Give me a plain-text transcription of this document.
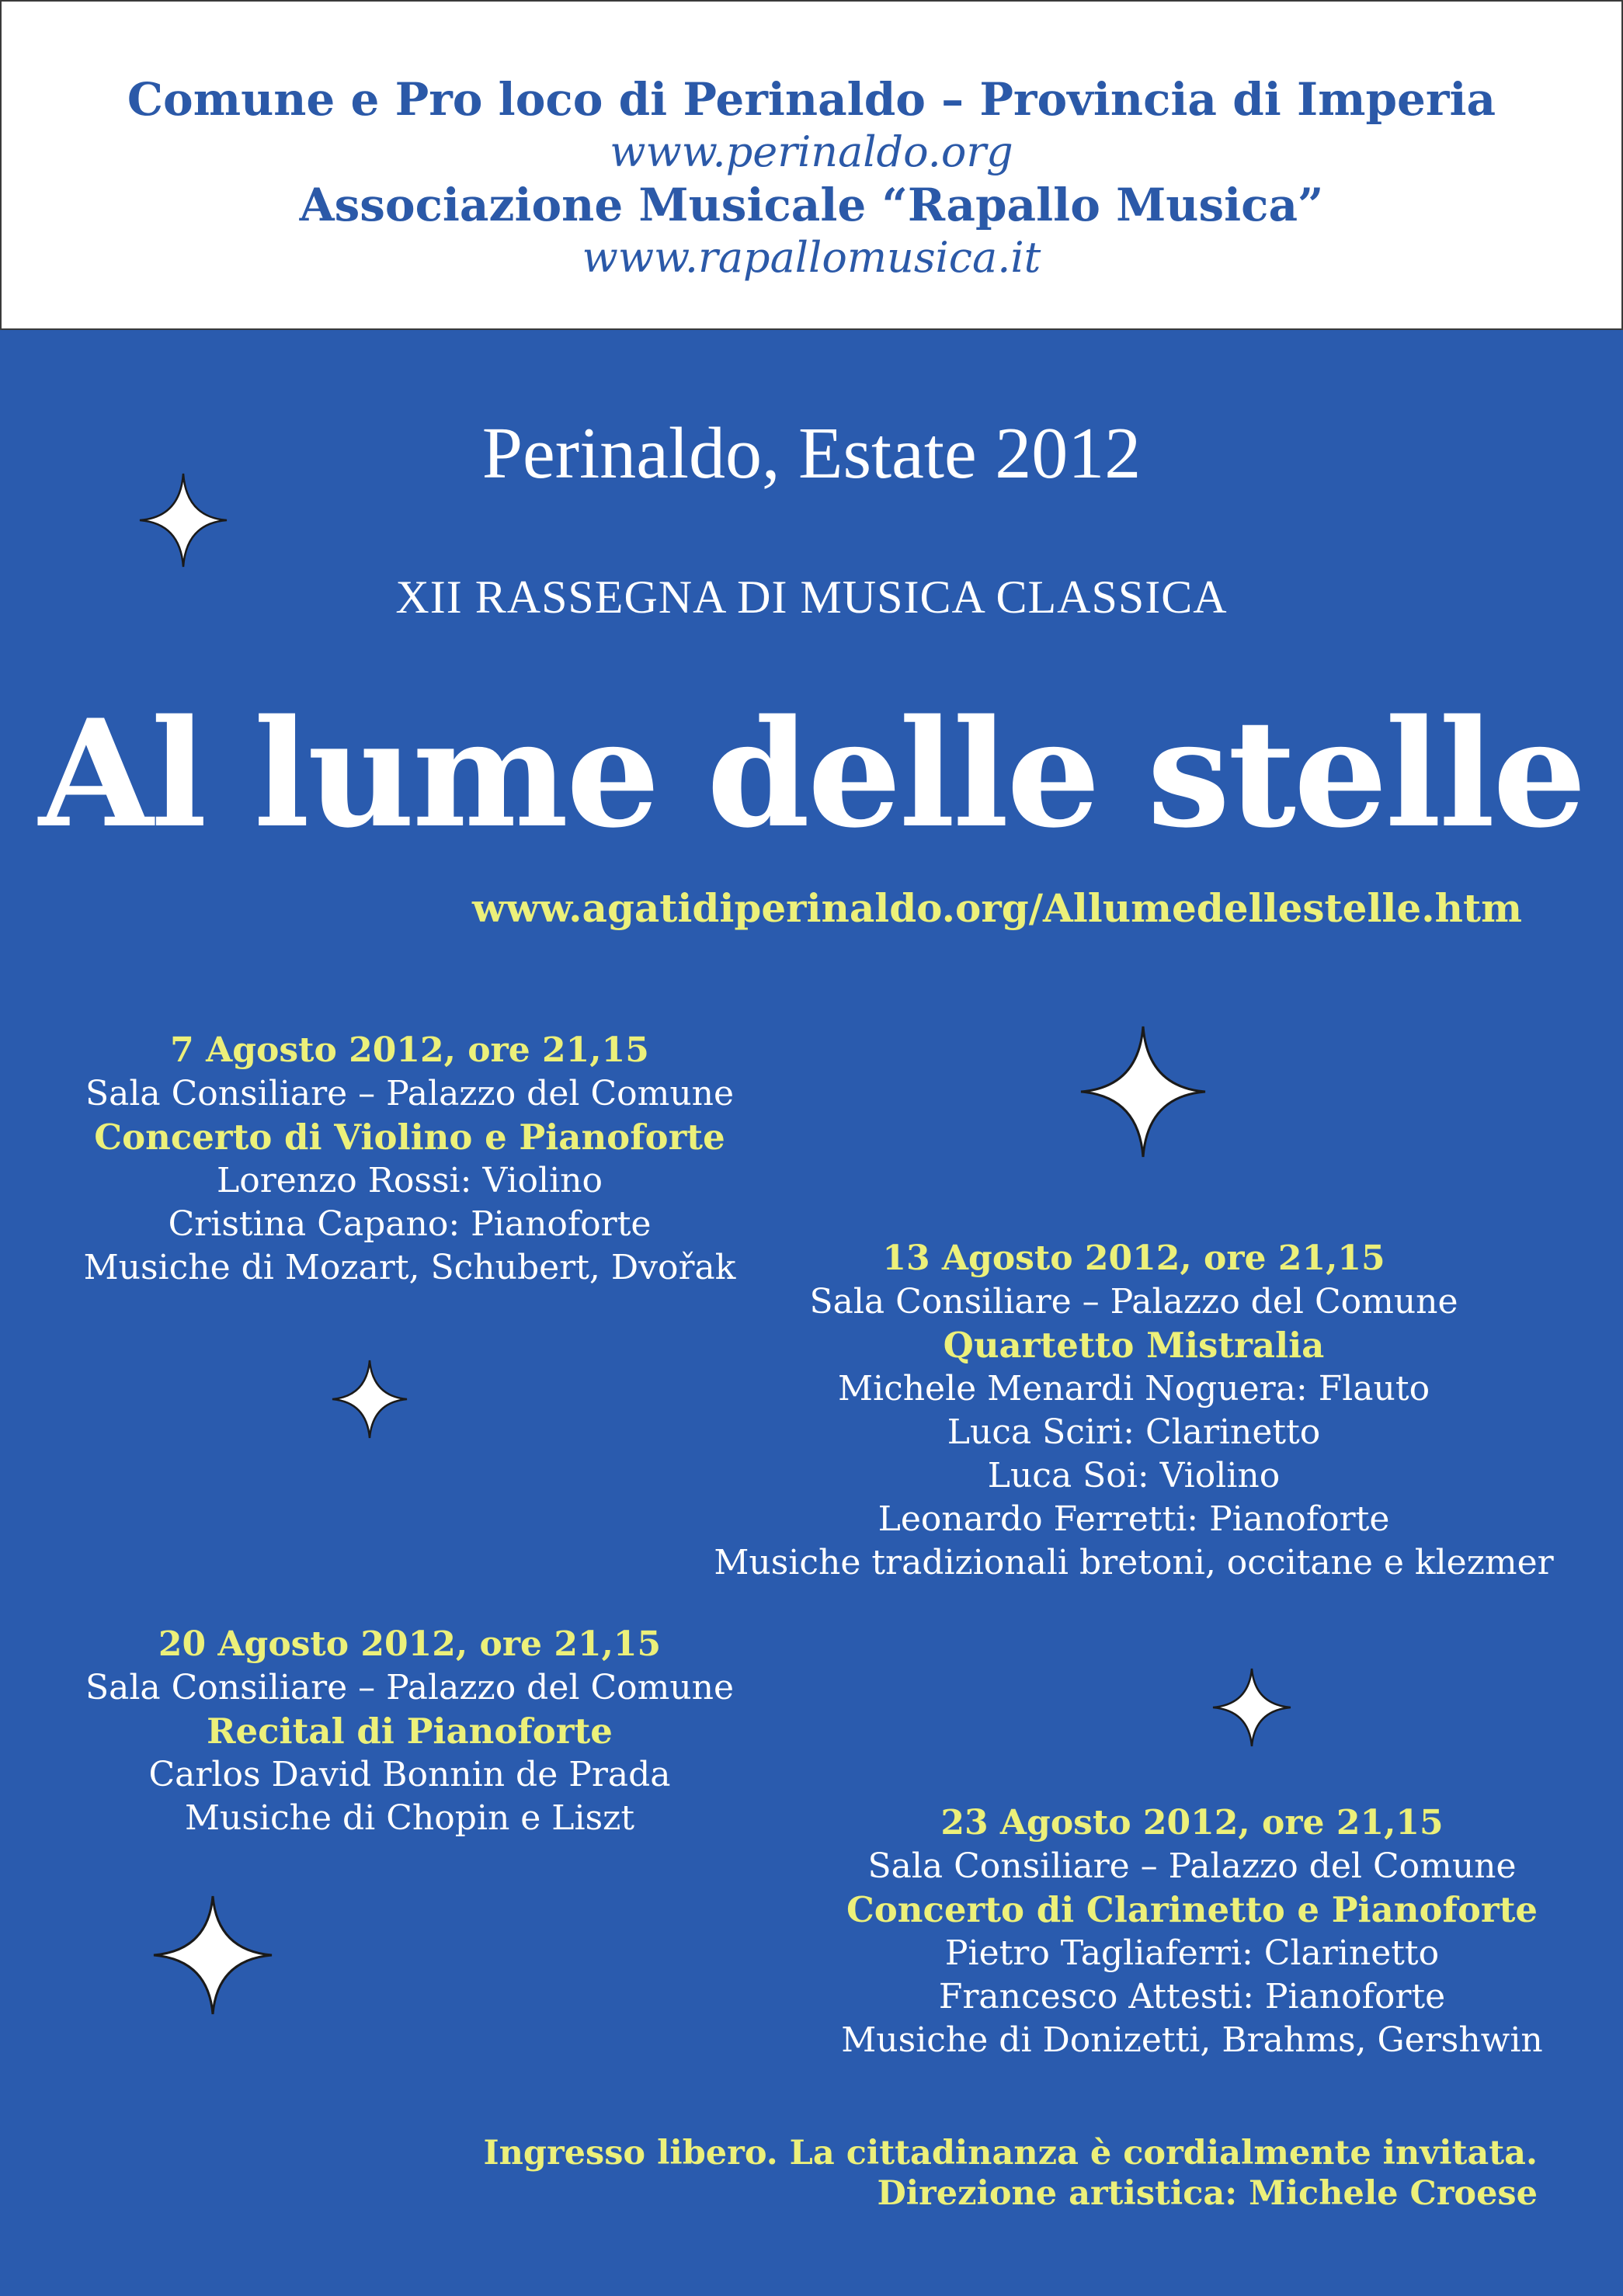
Comune e Pro loco di Perinaldo – Provincia di Imperia
www.perinaldo.org
Associazione Musicale “Rapallo Musica”
www.rapallomusica.it
Perinaldo, Estate 2012
XII RASSEGNA DI MUSICA CLASSICA
Al lume delle stelle
www.agatidiperinaldo.org/Allumedellestelle.htm
7 Agosto 2012, ore 21,15
Sala Consiliare – Palazzo del Comune
Concerto di Violino e Pianoforte
Lorenzo Rossi: Violino
Cristina Capano: Pianoforte
Musiche di Mozart, Schubert, Dvořak	13 Agosto 2012, ore 21,15
Sala Consiliare – Palazzo del Comune
Quartetto Mistralia
Michele Menardi Noguera: Flauto
Luca Sciri: Clarinetto
Luca Soi: Violino
Leonardo Ferretti: Pianoforte
Musiche tradizionali bretoni, occitane e klezmer
20 Agosto 2012, ore 21,15
Sala Consiliare – Palazzo del Comune
Recital di Pianoforte
Carlos David Bonnin de Prada
Musiche di Chopin e Liszt	23 Agosto 2012, ore 21,15
Sala Consiliare – Palazzo del Comune
Concerto di Clarinetto e Pianoforte
Pietro Tagliaferri: Clarinetto
Francesco Attesti: Pianoforte
Musiche di Donizetti, Brahms, Gershwin
Ingresso libero. La cittadinanza è cordialmente invitata.
Direzione artistica: Michele Croese
